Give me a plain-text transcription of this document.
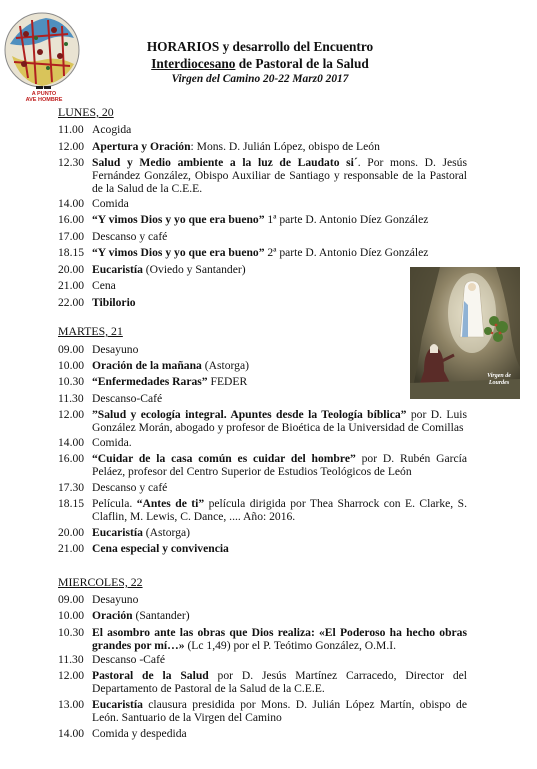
A PUNTO
AVE HOMBRE
HORARIOS y desarrollo del Encuentro
Interdiocesano de Pastoral de la Salud
Virgen del Camino 20-22 Marz0 2017
LUNES, 20
11.00 Acogida
12.00 Apertura y Oración: Mons. D. Julián López, obispo de León
12.30 Salud y Medio ambiente a la luz de Laudato si´. Por mons. D. Jesús Fernández González, Obispo Auxiliar de Santiago y responsable de la Pastoral de la Salud de la C.E.E.
14.00 Comida
16.00 “Y vimos Dios y yo que era bueno” 1ª parte D. Antonio Díez González
17.00 Descanso y café
18.15 “Y vimos Dios y yo que era bueno” 2ª parte D. Antonio Díez González
20.00 Eucaristía (Oviedo y Santander)
21.00 Cena
22.00 Tibilorio
MARTES, 21
09.00 Desayuno
10.00 Oración de la mañana (Astorga)
10.30 “Enfermedades Raras” FEDER
11.30 Descanso-Café
12.00 ”Salud y ecología integral. Apuntes desde la Teología bíblica” por D. Luis González Morán, abogado y profesor de Bioética de la Universidad de Comillas
14.00 Comida.
16.00 “Cuidar de la casa común es cuidar del hombre” por D. Rubén García Peláez, profesor del Centro Superior de Estudios Teológicos de León
17.30 Descanso y café
18.15 Película. “Antes de ti” película dirigida por Thea Sharrock con E. Clarke, S. Claflin, M. Lewis, C. Dance, .... Año: 2016.
20.00 Eucaristía (Astorga)
21.00 Cena especial y convivencia
MIERCOLES, 22
09.00 Desayuno
10.00 Oración (Santander)
10.30 El asombro ante las obras que Dios realiza: «El Poderoso ha hecho obras grandes por mí…» (Lc 1,49) por el P. Teótimo González, O.M.I.
11.30 Descanso -Café
12.00 Pastoral de la Salud por D. Jesús Martínez Carracedo, Director del Departamento de Pastoral de la Salud de la C.E.E.
13.00 Eucaristía clausura presidida por Mons. D. Julián López Martín, obispo de León. Santuario de la Virgen del Camino
14.00 Comida y despedida
Virgen de
Lourdes
